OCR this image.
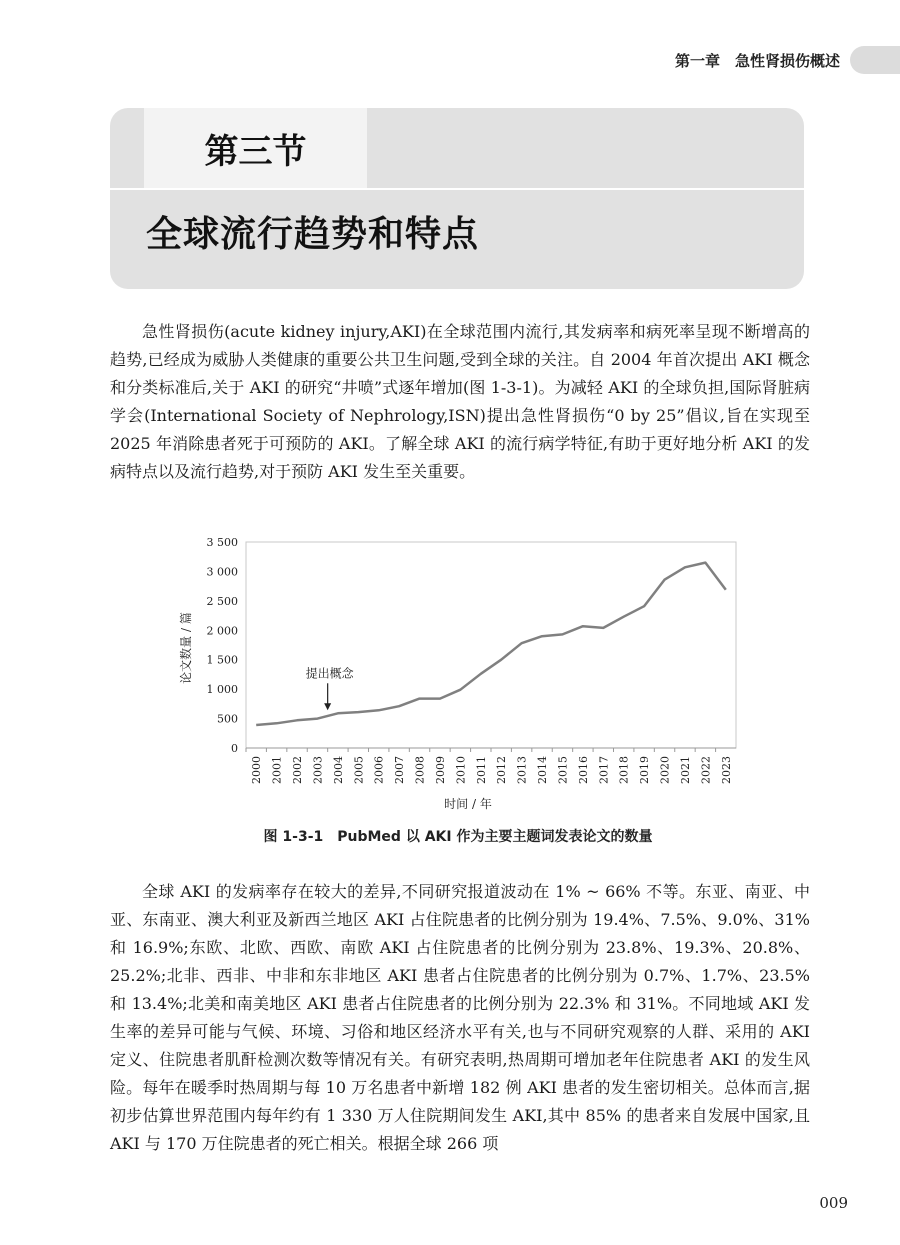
第一章　急性肾损伤概述
第三节
全球流行趋势和特点

急性肾损伤(acute kidney injury,AKI)在全球范围内流行,其发病率和病死率呈现不断增高的趋势,已经成为威胁人类健康的重要公共卫生问题,受到全球的关注。自 2004 年首次提出 AKI 概念和分类标准后,关于 AKI 的研究“井喷”式逐年增加(图 1-3-1)。为减轻 AKI 的全球负担,国际肾脏病学会(International Society of Nephrology,ISN)提出急性肾损伤“0 by 25”倡议,旨在实现至 2025 年消除患者死于可预防的 AKI。了解全球 AKI 的流行病学特征,有助于更好地分析 AKI 的发病特点以及流行趋势,对于预防 AKI 发生至关重要。

0
500
1 000
1 500
2 000
2 500
3 000
3 500
2000 2001 2002 2003 2004 2005 2006 2007 2008 2009 2010 2011 2012 2013 2014 2015 2016 2017 2018 2019 2020 2021 2022 2023
提出概念
时间 / 年
论文数量 / 篇
图 1-3-1　PubMed 以 AKI 作为主要主题词发表论文的数量

全球 AKI 的发病率存在较大的差异,不同研究报道波动在 1% ~ 66% 不等。东亚、南亚、中亚、东南亚、澳大利亚及新西兰地区 AKI 占住院患者的比例分别为 19.4%、7.5%、9.0%、31% 和 16.9%;东欧、北欧、西欧、南欧 AKI 占住院患者的比例分别为 23.8%、19.3%、20.8%、25.2%;北非、西非、中非和东非地区 AKI 患者占住院患者的比例分别为 0.7%、1.7%、23.5% 和 13.4%;北美和南美地区 AKI 患者占住院患者的比例分别为 22.3% 和 31%。不同地域 AKI 发生率的差异可能与气候、环境、习俗和地区经济水平有关,也与不同研究观察的人群、采用的 AKI 定义、住院患者肌酐检测次数等情况有关。有研究表明,热周期可增加老年住院患者 AKI 的发生风险。每年在暖季时热周期与每 10 万名患者中新增 182 例 AKI 患者的发生密切相关。总体而言,据初步估算世界范围内每年约有 1 330 万人住院期间发生 AKI,其中 85% 的患者来自发展中国家,且 AKI 与 170 万住院患者的死亡相关。根据全球 266 项

009
